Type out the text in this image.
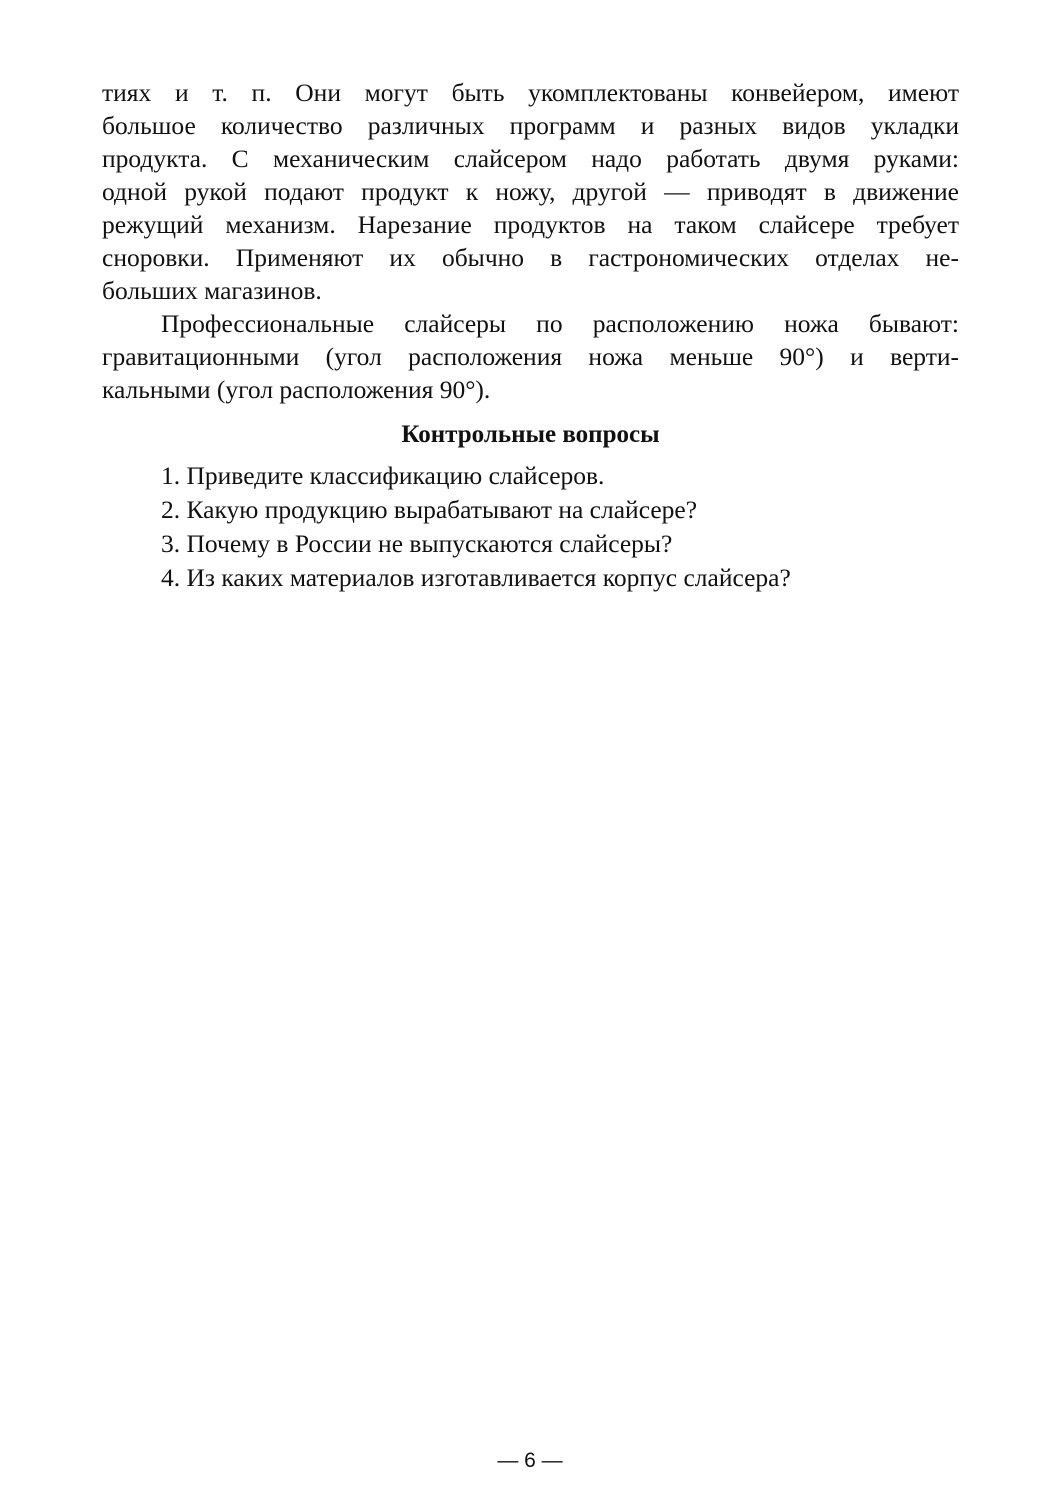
тиях и т. п. Они могут быть укомплектованы конвейером, имеют
большое количество различных программ и разных видов укладки
продукта. С механическим слайсером надо работать двумя руками:
одной рукой подают продукт к ножу, другой — приводят в движение
режущий механизм. Нарезание продуктов на таком слайсере требует
сноровки. Применяют их обычно в гастрономических отделах не-
больших магазинов.
Профессиональные слайсеры по расположению ножа бывают:
гравитационными (угол расположения ножа меньше 90°) и верти-
кальными (угол расположения 90°).
Контрольные вопросы
1. Приведите классификацию слайсеров.
2. Какую продукцию вырабатывают на слайсере?
3. Почему в России не выпускаются слайсеры?
4. Из каких материалов изготавливается корпус слайсера?
— 6 —
